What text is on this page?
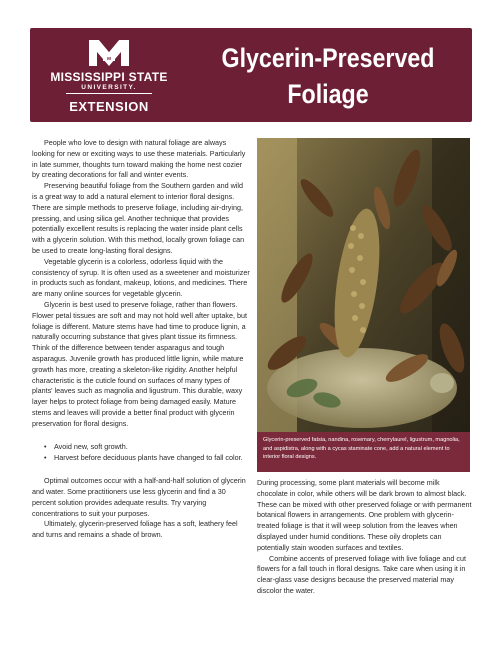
M
MISSISSIPPI STATE
UNIVERSITY.
EXTENSION
Glycerin-Preserved
Foliage

People who love to design with natural foliage are always looking for new or exciting ways to use these materials. Particularly in late summer, thoughts turn toward making the home nest cozier by creating decorations for fall and winter events.

Preserving beautiful foliage from the Southern garden and wild is a great way to add a natural element to interior floral designs. There are simple methods to preserve foliage, including air-drying, pressing, and using silica gel. Another technique that provides potentially excellent results is replacing the water inside plant cells with a glycerin solution. With this method, locally grown foliage can be used to create long-lasting floral designs.

Vegetable glycerin is a colorless, odorless liquid with the consistency of syrup. It is often used as a sweetener and moisturizer in products such as fondant, makeup, lotions, and medicines. There are many online sources for vegetable glycerin.

Glycerin is best used to preserve foliage, rather than flowers. Flower petal tissues are soft and may not hold well after uptake, but foliage is different. Mature stems have had time to produce lignin, a naturally occurring substance that gives plant tissue its firmness. Think of the difference between tender asparagus and tough asparagus. Juvenile growth has produced little lignin, while mature growth has more, creating a skeleton-like rigidity. Another helpful characteristic is the cuticle found on surfaces of many types of plants' leaves such as magnolia and ligustrum. This durable, waxy layer helps to protect foliage from being damaged easily. Mature stems and leaves will provide a better final product with glycerin preservation for floral designs.

• Avoid new, soft growth.
• Harvest before deciduous plants have changed to fall color.

Optimal outcomes occur with a half-and-half solution of glycerin and water. Some practitioners use less glycerin and find a 30 percent solution provides adequate results. Try varying concentrations to suit your purposes.

Ultimately, glycerin-preserved foliage has a soft, leathery feel and turns and remains a shade of brown.

Glycerin-preserved fatsia, nandina, rosemary, cherrylaurel, ligustrum, magnolia, and aspidistra, along with a cycas staminate cone, add a natural element to interior floral designs.

During processing, some plant materials will become milk chocolate in color, while others will be dark brown to almost black. These can be mixed with other preserved foliage or with permanent botanical flowers in arrangements. One problem with glycerin-treated foliage is that it will weep solution from the leaves when displayed under humid conditions. These oily droplets can potentially stain wooden surfaces and textiles.

Combine accents of preserved foliage with live foliage and cut flowers for a fall touch in floral designs. Take care when using it in clear-glass vase designs because the preserved material may discolor the water.
